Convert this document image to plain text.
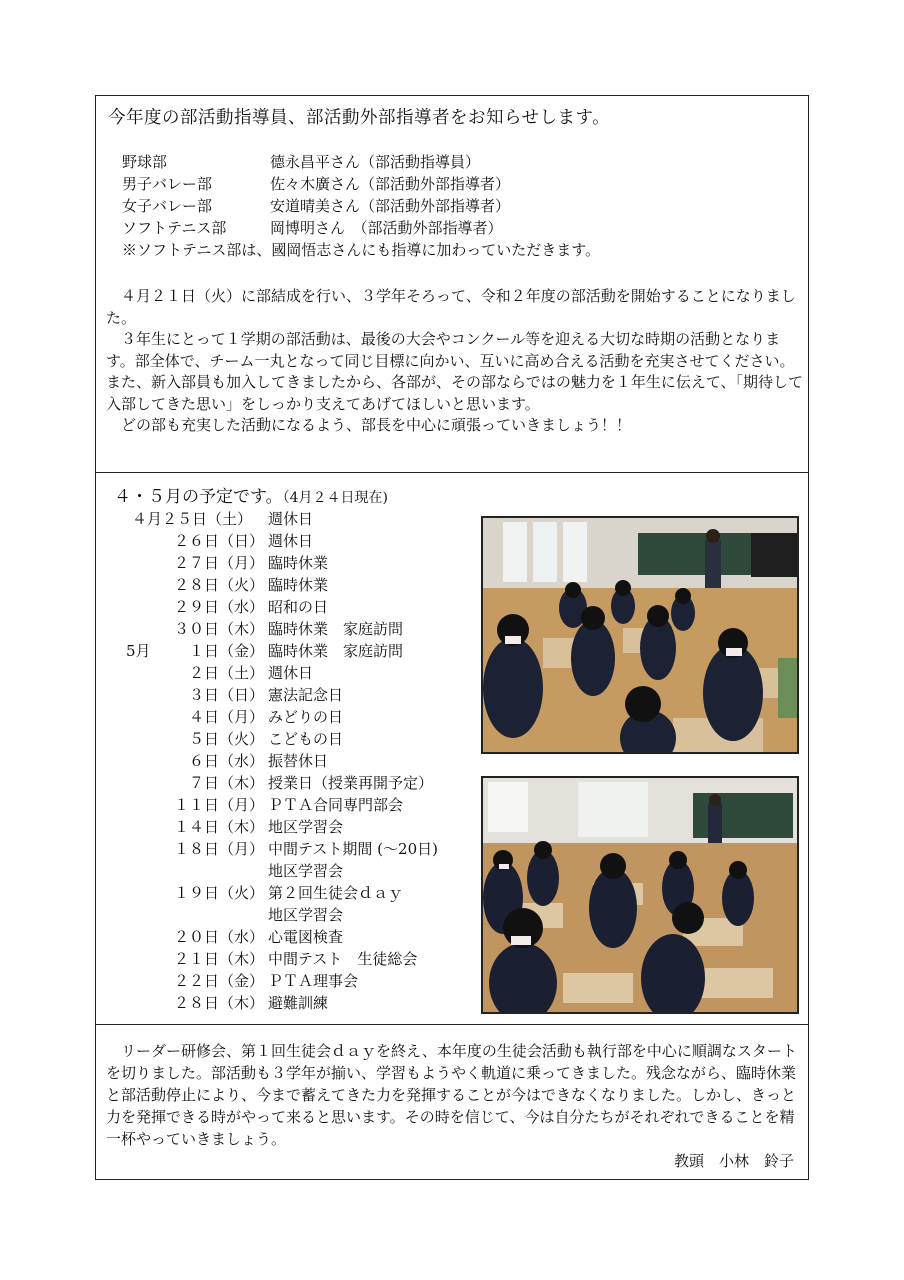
今年度の部活動指導員、部活動外部指導者をお知らせします。
野球部	德永昌平さん（部活動指導員）
男子バレー部	佐々木廣さん（部活動外部指導者）
女子バレー部	安道晴美さん（部活動外部指導者）
ソフトテニス部	岡博明さん　（部活動外部指導者）
※ソフトテニス部は、國岡悟志さんにも指導に加わっていただきます。

４月２１日（火）に部結成を行い、３学年そろって、令和２年度の部活動を開始することになりました。

３年生にとって１学期の部活動は、最後の大会やコンクール等を迎える大切な時期の活動となります。部全体で、チーム一丸となって同じ目標に向かい、互いに高め合える活動を充実させてください。また、新入部員も加入してきましたから、各部が、その部ならではの魅力を１年生に伝えて、「期待して入部してきた思い」をしっかり支えてあげてほしいと思います。

どの部も充実した活動になるよう、部長を中心に頑張っていきましょう！！

４・５月の予定です。（4月２４日現在)
４月２５日（土） 週休日
２６日（日） 週休日
２７日（月） 臨時休業
２８日（火） 臨時休業
２９日（水） 昭和の日
３０日（木） 臨時休業　家庭訪問
5月	１日（金） 臨時休業　家庭訪問
２日（土） 週休日
３日（日） 憲法記念日
４日（月） みどりの日
５日（火） こどもの日
６日（水） 振替休日
７日（木） 授業日（授業再開予定）
１１日（月） ＰＴＡ合同専門部会
１４日（木） 地区学習会
１８日（月） 中間テスト期間 (～20日)
地区学習会
１９日（火） 第２回生徒会ｄａｙ
地区学習会
２０日（水） 心電図検査
２１日（木） 中間テスト　生徒総会
２２日（金） ＰＴＡ理事会
２８日（木） 避難訓練

リーダー研修会、第１回生徒会ｄａｙを終え、本年度の生徒会活動も執行部を中心に順調なスタートを切りました。部活動も３学年が揃い、学習もようやく軌道に乗ってきました。残念ながら、臨時休業と部活動停止により、今まで蓄えてきた力を発揮することが今はできなくなりました。しかし、きっと力を発揮できる時がやって来ると思います。その時を信じて、今は自分たちがそれぞれできることを精一杯やっていきましょう。

教頭　小林　鈴子
